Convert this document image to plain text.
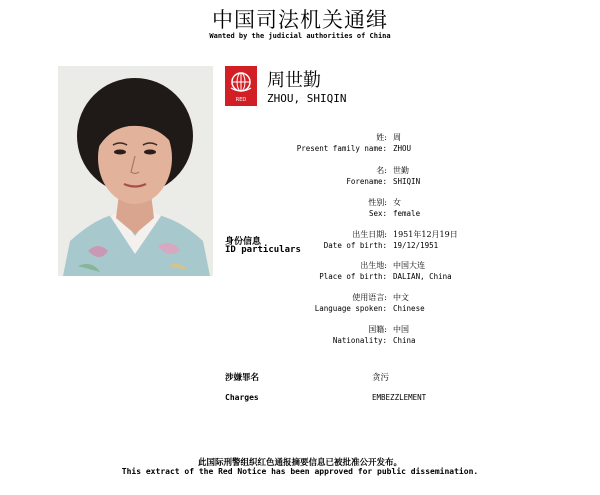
中国司法机关通缉
Wanted by the judicial authorities of China
RED
周世勤
ZHOU, SHIQIN
身份信息
ID particulars
姓: 周
Present family name: ZHOU
名: 世勤
Forename: SHIQIN
性别: 女
Sex: female
出生日期: 1951年12月19日
Date of birth: 19/12/1951
出生地: 中国大连
Place of birth: DALIAN, China
使用语言: 中文
Language spoken: Chinese
国籍: 中国
Nationality: China
涉嫌罪名	贪污
Charges	EMBEZZLEMENT
此国际刑警组织红色通报摘要信息已被批准公开发布。
This extract of the Red Notice has been approved for public dissemination.
